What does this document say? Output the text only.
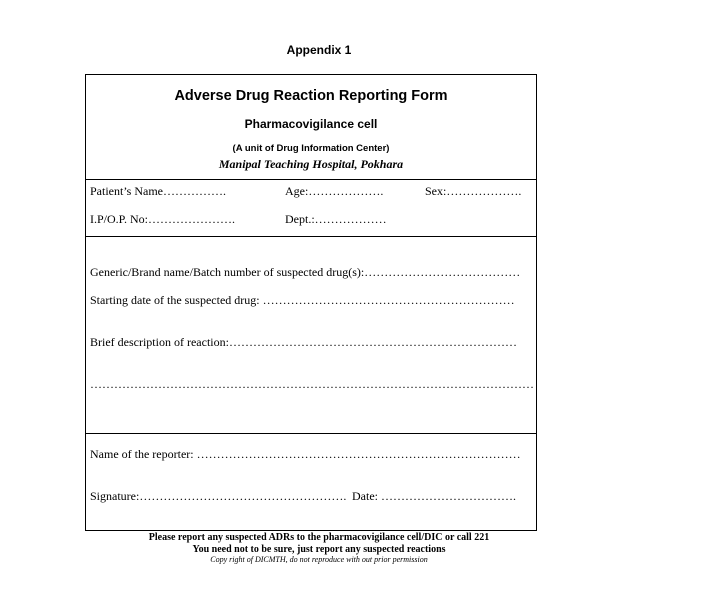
Appendix 1
Adverse Drug Reaction Reporting Form
Pharmacovigilance cell
(A unit of Drug Information Center)
Manipal Teaching Hospital, Pokhara
Patient’s Name…………….	Age:……………….	Sex:……………….
I.P/O.P. No:………………….	Dept.:………………
Generic/Brand name/Batch number of suspected drug(s):…………………………………
Starting date of the suspected drug: ………………………………………………………
Brief description of reaction:………………………………………………………………
…………………………………………………………………………………………………
Name of the reporter: ………………………………………………………………………
Signature:……………………………………………. Date: …………………………….
Please report any suspected ADRs to the pharmacovigilance cell/DIC or call 221
You need not to be sure, just report any suspected reactions
Copy right of DICMTH, do not reproduce with out prior permission
